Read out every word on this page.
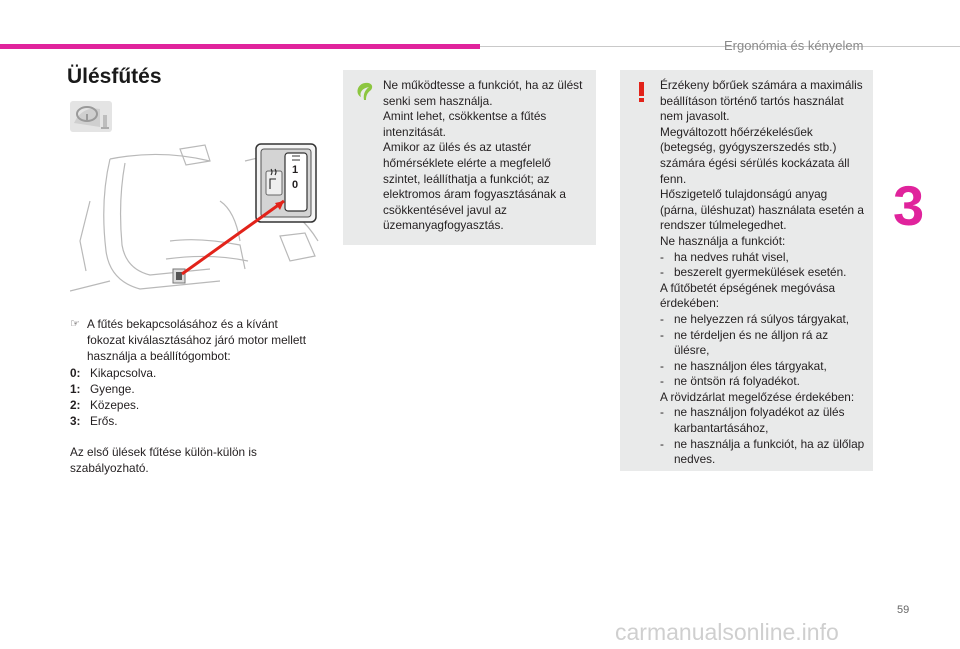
Ergonómia és kényelem
3
Ülésfűtés
1
0
☞ A fűtés bekapcsolásához és a kívánt fokozat kiválasztásához járó motor mellett használja a beállítógombot:
0: Kikapcsolva.
1: Gyenge.
2: Közepes.
3: Erős.

Az első ülések fűtése külön-külön is szabályozható.

Ne működtesse a funkciót, ha az ülést senki sem használja.

Amint lehet, csökkentse a fűtés intenzitását.

Amikor az ülés és az utastér hőmérséklete elérte a megfelelő szintet, leállíthatja a funkciót; az elektromos áram fogyasztásának a csökkentésével javul az üzemanyagfogyasztás.

Érzékeny bőrűek számára a maximális beállításon történő tartós használat nem javasolt.

Megváltozott hőérzékelésűek (betegség, gyógyszerszedés stb.) számára égési sérülés kockázata áll fenn.

Hőszigetelő tulajdonságú anyag (párna, üléshuzat) használata esetén a rendszer túlmelegedhet.

Ne használja a funkciót:

- ha nedves ruhát visel,
- beszerelt gyermekülések esetén.

A fűtőbetét épségének megóvása érdekében:

- ne helyezzen rá súlyos tárgyakat,
- ne térdeljen és ne álljon rá az ülésre,
- ne használjon éles tárgyakat,
- ne öntsön rá folyadékot.

A rövidzárlat megelőzése érdekében:

- ne használjon folyadékot az ülés karbantartásához,
- ne használja a funkciót, ha az ülőlap nedves.
59
carmanualsonline.info
